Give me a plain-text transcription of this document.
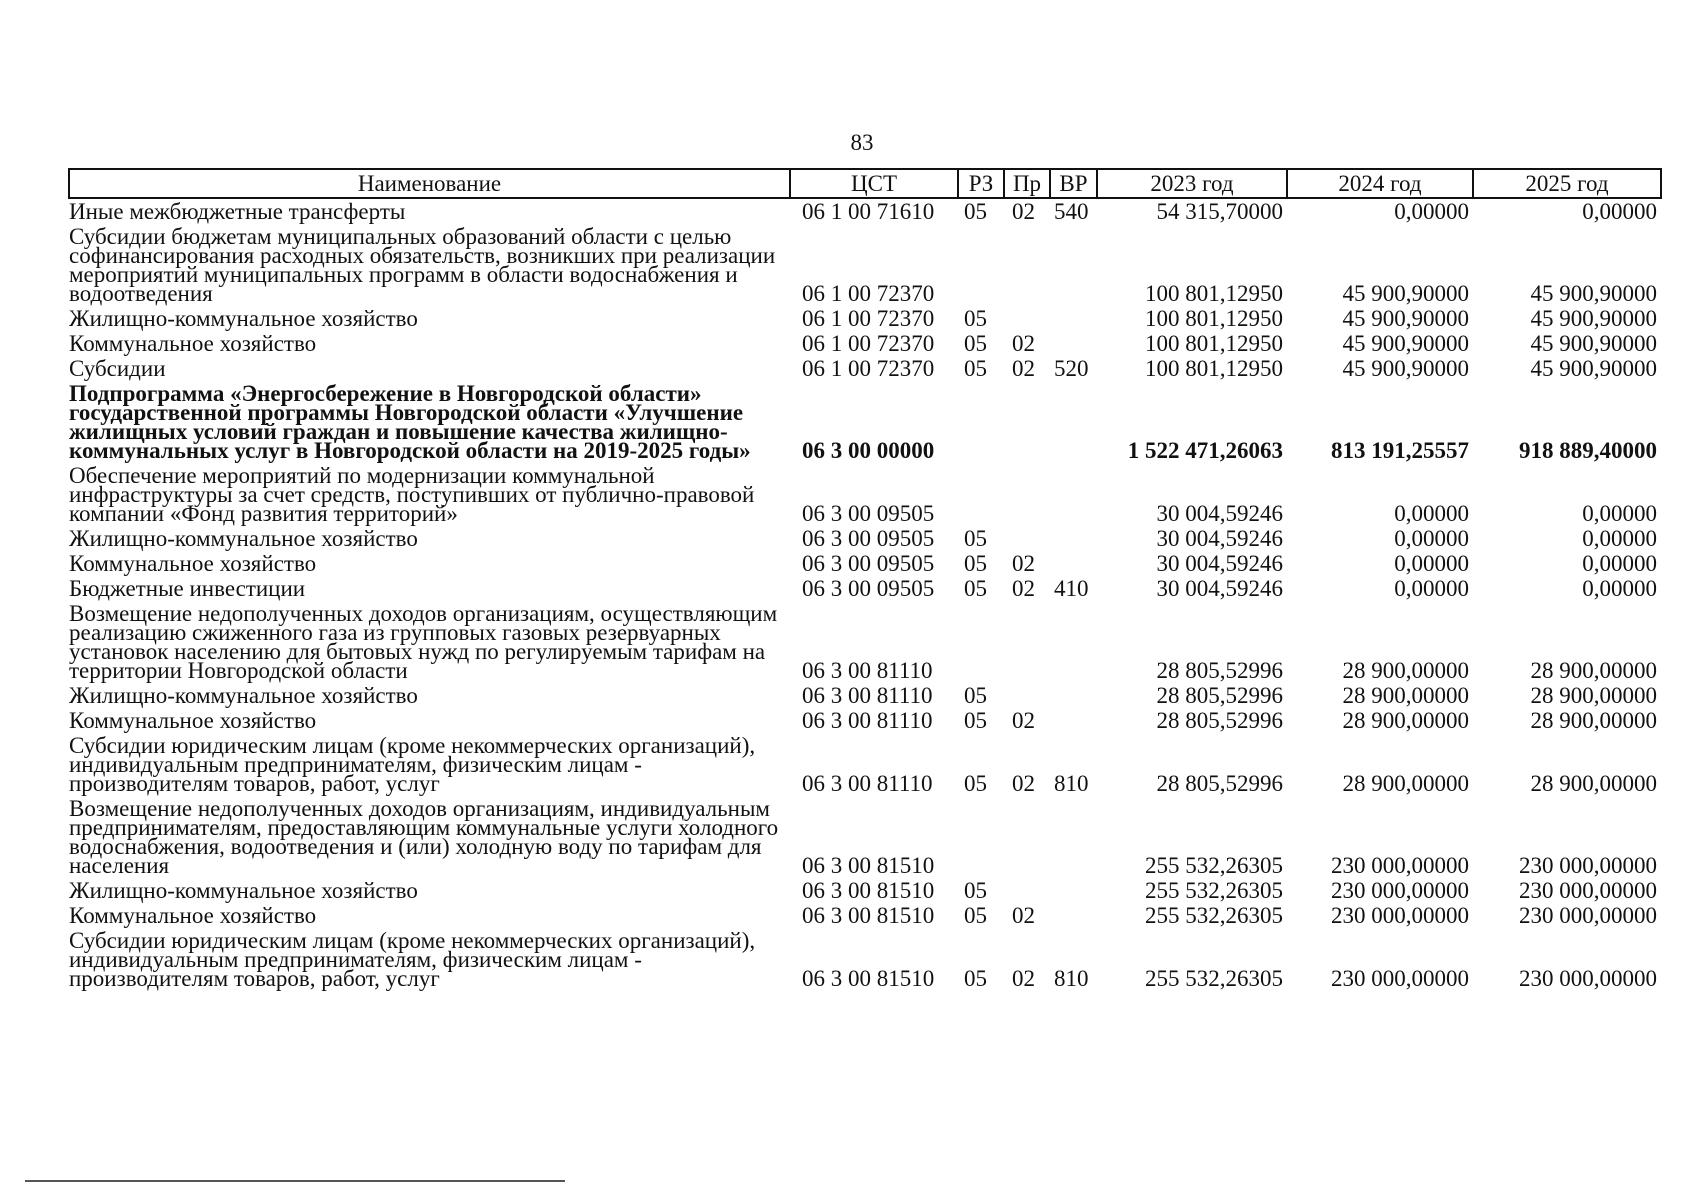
83
Наименование	ЦСТ	РЗ	Пр	ВР	2023 год	2024 год	2025 год
Иные межбюджетные трансферты	06 1 00 71610	05	02	540	54 315,70000	0,00000	0,00000
Субсидии бюджетам муниципальных образований области с целью софинансирования расходных обязательств, возникших при реализации мероприятий муниципальных программ в области водоснабжения и водоотведения	06 1 00 72370				100 801,12950	45 900,90000	45 900,90000
Жилищно-коммунальное хозяйство	06 1 00 72370	05			100 801,12950	45 900,90000	45 900,90000
Коммунальное хозяйство	06 1 00 72370	05	02		100 801,12950	45 900,90000	45 900,90000
Субсидии	06 1 00 72370	05	02	520	100 801,12950	45 900,90000	45 900,90000
Подпрограмма «Энергосбережение в Новгородской области» государственной программы Новгородской области «Улучшение жилищных условий граждан и повышение качества жилищно-коммунальных услуг в Новгородской области на 2019-2025 годы»	06 3 00 00000				1 522 471,26063	813 191,25557	918 889,40000
Обеспечение мероприятий по модернизации коммунальной инфраструктуры за счет средств, поступивших от публично-правовой компании «Фонд развития территорий»	06 3 00 09505				30 004,59246	0,00000	0,00000
Жилищно-коммунальное хозяйство	06 3 00 09505	05			30 004,59246	0,00000	0,00000
Коммунальное хозяйство	06 3 00 09505	05	02		30 004,59246	0,00000	0,00000
Бюджетные инвестиции	06 3 00 09505	05	02	410	30 004,59246	0,00000	0,00000
Возмещение недополученных доходов организациям, осуществляющим реализацию сжиженного газа из групповых газовых резервуарных установок населению для бытовых нужд по регулируемым тарифам на территории Новгородской области	06 3 00 81110				28 805,52996	28 900,00000	28 900,00000
Жилищно-коммунальное хозяйство	06 3 00 81110	05			28 805,52996	28 900,00000	28 900,00000
Коммунальное хозяйство	06 3 00 81110	05	02		28 805,52996	28 900,00000	28 900,00000
Субсидии юридическим лицам (кроме некоммерческих организаций), индивидуальным предпринимателям, физическим лицам - производителям товаров, работ, услуг	06 3 00 81110	05	02	810	28 805,52996	28 900,00000	28 900,00000
Возмещение недополученных доходов организациям, индивидуальным предпринимателям, предоставляющим коммунальные услуги холодного водоснабжения, водоотведения и (или) холодную воду по тарифам для населения	06 3 00 81510				255 532,26305	230 000,00000	230 000,00000
Жилищно-коммунальное хозяйство	06 3 00 81510	05			255 532,26305	230 000,00000	230 000,00000
Коммунальное хозяйство	06 3 00 81510	05	02		255 532,26305	230 000,00000	230 000,00000
Субсидии юридическим лицам (кроме некоммерческих организаций), индивидуальным предпринимателям, физическим лицам - производителям товаров, работ, услуг	06 3 00 81510	05	02	810	255 532,26305	230 000,00000	230 000,00000
